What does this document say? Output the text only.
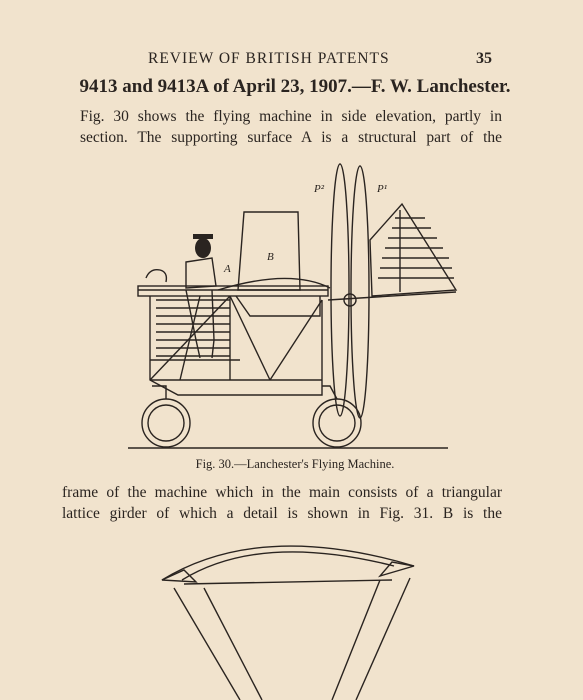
REVIEW OF BRITISH PATENTS	35
9413 and 9413A of April 23, 1907.—F. W. Lanchester.
Fig. 30 shows the flying machine in side elevation, partly in
section. The supporting surface A is a structural part of the
A
B
P²	P¹
Fig. 30.—Lanchester's Flying Machine.
frame of the machine which in the main consists of a triangular
lattice girder of which a detail is shown in Fig. 31. B is the
